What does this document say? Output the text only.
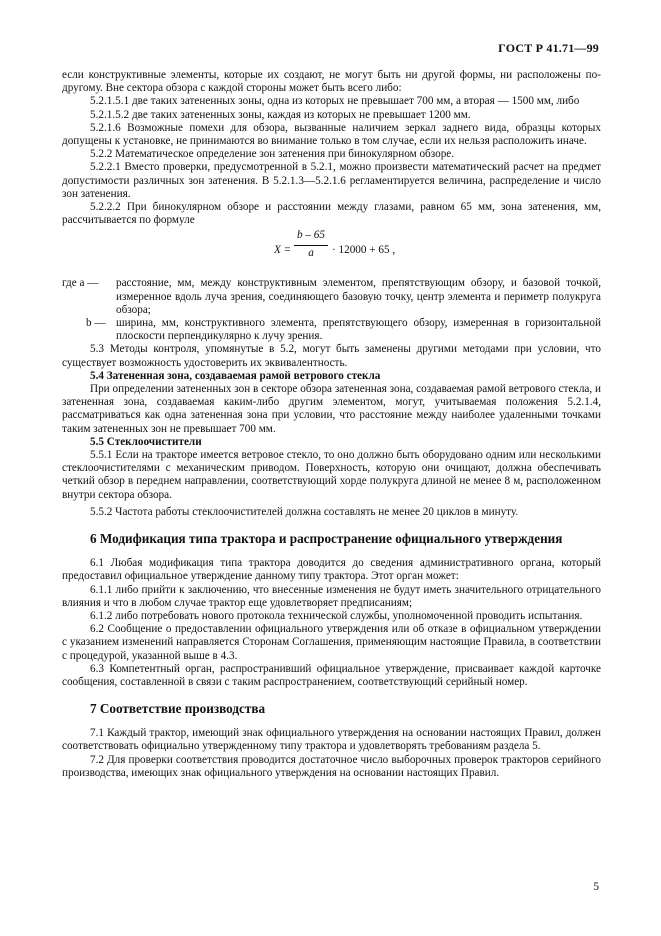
ГОСТ Р 41.71—99

если конструктивные элементы, которые их создают, не могут быть ни другой формы, ни расположены по-другому. Вне сектора обзора с каждой стороны может быть всего либо:

5.2.1.5.1 две таких затененных зоны, одна из которых не превышает 700 мм, а вторая — 1500 мм, либо

5.2.1.5.2 две таких затененных зоны, каждая из которых не превышает 1200 мм.

5.2.1.6 Возможные помехи для обзора, вызванные наличием зеркал заднего вида, образцы которых допущены к установке, не принимаются во внимание только в том случае, если их нельзя расположить иначе.

5.2.2 Математическое определение зон затенения при бинокулярном обзоре.

5.2.2.1 Вместо проверки, предусмотренной в 5.2.1, можно произвести математический расчет на предмет допустимости различных зон затенения. В 5.2.1.3—5.2.1.6 регламентируется величина, распределение и число зон затенения.

5.2.2.2 При бинокулярном обзоре и расстоянии между глазами, равном 65 мм, зона затенения, мм, рассчитывается по формуле

$X = \frac{b - 65}{a} \cdot 12000 + 65$ ,
где a —	расстояние, мм, между конструктивным элементом, препятствующим обзору, и базовой точкой, измеренное вдоль луча зрения, соединяющего базовую точку, центр элемента и периметр полукруга обзора;
b — ширина, мм, конструктивного элемента, препятствующего обзору, измеренная в горизонтальной плоскости перпендикулярно к лучу зрения.

5.3 Методы контроля, упомянутые в 5.2, могут быть заменены другими методами при условии, что существует возможность удостоверить их эквивалентность.

5.4 Затененная зона, создаваемая рамой ветрового стекла

При определении затененных зон в секторе обзора затененная зона, создаваемая рамой ветрового стекла, и затененная зона, создаваемая каким-либо другим элементом, могут, учитываемая положения 5.2.1.4, рассматриваться как одна затененная зона при условии, что расстояние между наиболее удаленными точками таким затененных зон не превышает 700 мм.

5.5 Стеклоочистители

5.5.1 Если на тракторе имеется ветровое стекло, то оно должно быть оборудовано одним или несколькими стеклоочистителями с механическим приводом. Поверхность, которую они очищают, должна обеспечивать четкий обзор в переднем направлении, соответствующий хорде полукруга длиной не менее 8 м, расположенном внутри сектора обзора.

5.5.2 Частота работы стеклоочистителей должна составлять не менее 20 циклов в минуту.

6 Модификация типа трактора и распространение официального утверждения

6.1 Любая модификация типа трактора доводится до сведения административного органа, который предоставил официальное утверждение данному типу трактора. Этот орган может:

6.1.1 либо прийти к заключению, что внесенные изменения не будут иметь значительного отрицательного влияния и что в любом случае трактор еще удовлетворяет предписаниям;

6.1.2 либо потребовать нового протокола технической службы, уполномоченной проводить испытания.

6.2 Сообщение о предоставлении официального утверждения или об отказе в официальном утверждении с указанием изменений направляется Сторонам Соглашения, применяющим настоящие Правила, в соответствии с процедурой, указанной выше в 4.3.

6.3 Компетентный орган, распространивший официальное утверждение, присваивает каждой карточке сообщения, составленной в связи с таким распространением, соответствующий серийный номер.

7 Соответствие производства

7.1 Каждый трактор, имеющий знак официального утверждения на основании настоящих Правил, должен соответствовать официально утвержденному типу трактора и удовлетворять требованиям раздела 5.

7.2 Для проверки соответствия проводится достаточное число выборочных проверок тракторов серийного производства, имеющих знак официального утверждения на основании настоящих Правил.

5
